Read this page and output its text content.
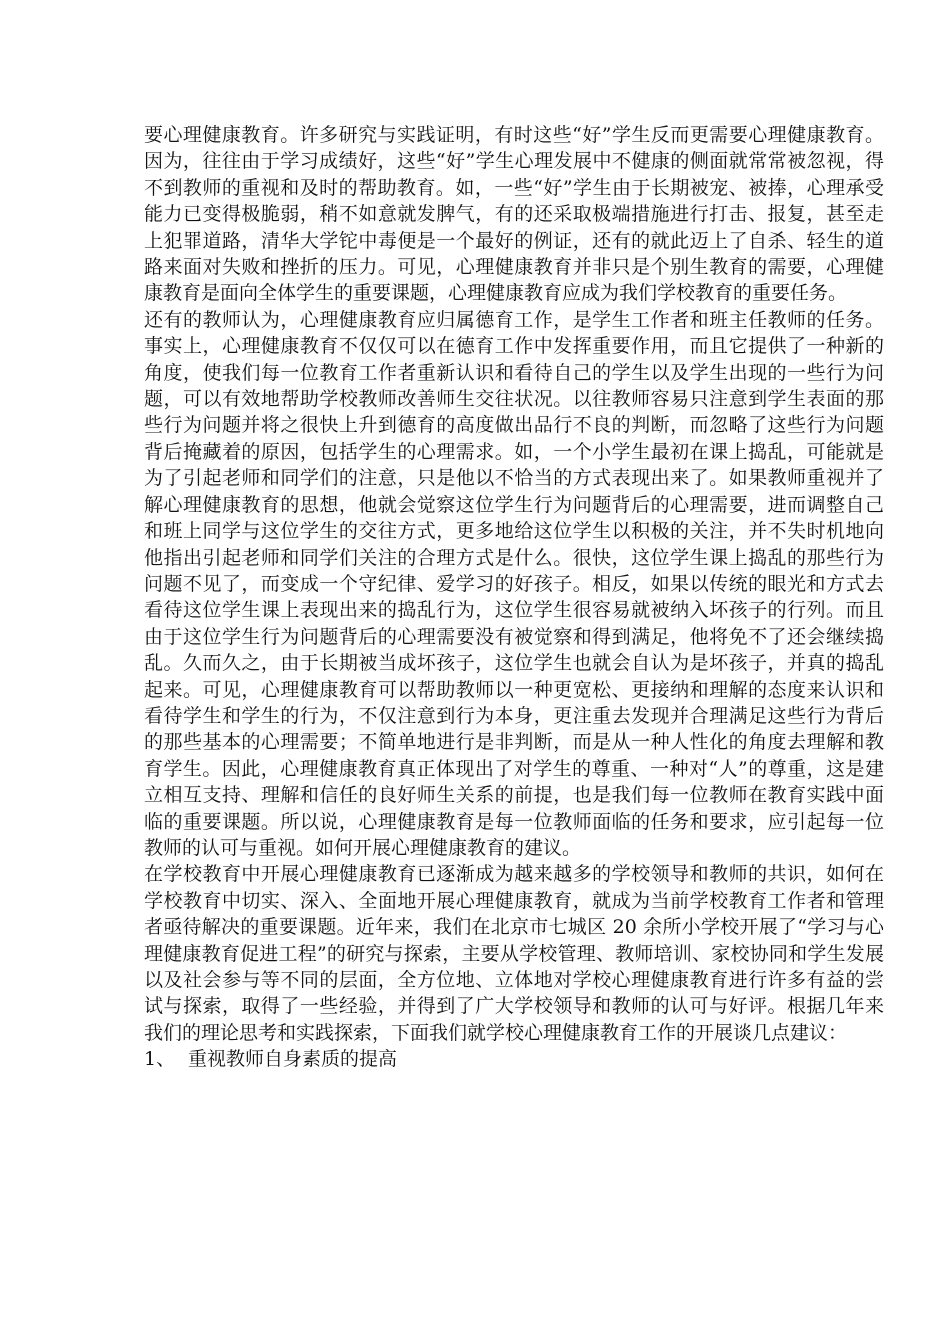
要心理健康教育。许多研究与实践证明，有时这些“好”学生反而更需要心理健康教育。因为，往往由于学习成绩好，这些“好”学生心理发展中不健康的侧面就常常被忽视，得不到教师的重视和及时的帮助教育。如，一些“好”学生由于长期被宠、被捧，心理承受能力已变得极脆弱，稍不如意就发脾气，有的还采取极端措施进行打击、报复，甚至走上犯罪道路，清华大学铊中毒便是一个最好的例证，还有的就此迈上了自杀、轻生的道路来面对失败和挫折的压力。可见，心理健康教育并非只是个别生教育的需要，心理健康教育是面向全体学生的重要课题，心理健康教育应成为我们学校教育的重要任务。

还有的教师认为，心理健康教育应归属德育工作，是学生工作者和班主任教师的任务。事实上，心理健康教育不仅仅可以在德育工作中发挥重要作用，而且它提供了一种新的角度，使我们每一位教育工作者重新认识和看待自己的学生以及学生出现的一些行为问题，可以有效地帮助学校教师改善师生交往状况。以往教师容易只注意到学生表面的那些行为问题并将之很快上升到德育的高度做出品行不良的判断，而忽略了这些行为问题背后掩藏着的原因，包括学生的心理需求。如，一个小学生最初在课上捣乱，可能就是为了引起老师和同学们的注意，只是他以不恰当的方式表现出来了。如果教师重视并了解心理健康教育的思想，他就会觉察这位学生行为问题背后的心理需要，进而调整自己和班上同学与这位学生的交往方式，更多地给这位学生以积极的关注，并不失时机地向他指出引起老师和同学们关注的合理方式是什么。很快，这位学生课上捣乱的那些行为问题不见了，而变成一个守纪律、爱学习的好孩子。相反，如果以传统的眼光和方式去看待这位学生课上表现出来的捣乱行为，这位学生很容易就被纳入坏孩子的行列。而且由于这位学生行为问题背后的心理需要没有被觉察和得到满足，他将免不了还会继续捣乱。久而久之，由于长期被当成坏孩子，这位学生也就会自认为是坏孩子，并真的捣乱起来。可见，心理健康教育可以帮助教师以一种更宽松、更接纳和理解的态度来认识和看待学生和学生的行为，不仅注意到行为本身，更注重去发现并合理满足这些行为背后的那些基本的心理需要；不简单地进行是非判断，而是从一种人性化的角度去理解和教育学生。因此，心理健康教育真正体现出了对学生的尊重、一种对“人”的尊重，这是建立相互支持、理解和信任的良好师生关系的前提，也是我们每一位教师在教育实践中面临的重要课题。所以说，心理健康教育是每一位教师面临的任务和要求，应引起每一位教师的认可与重视。如何开展心理健康教育的建议。

在学校教育中开展心理健康教育已逐渐成为越来越多的学校领导和教师的共识，如何在学校教育中切实、深入、全面地开展心理健康教育，就成为当前学校教育工作者和管理者亟待解决的重要课题。近年来，我们在北京市七城区 20 余所小学校开展了“学习与心理健康教育促进工程”的研究与探索，主要从学校管理、教师培训、家校协同和学生发展以及社会参与等不同的层面，全方位地、立体地对学校心理健康教育进行许多有益的尝试与探索，取得了一些经验，并得到了广大学校领导和教师的认可与好评。根据几年来我们的理论思考和实践探索，下面我们就学校心理健康教育工作的开展谈几点建议：

1、 重视教师自身素质的提高
